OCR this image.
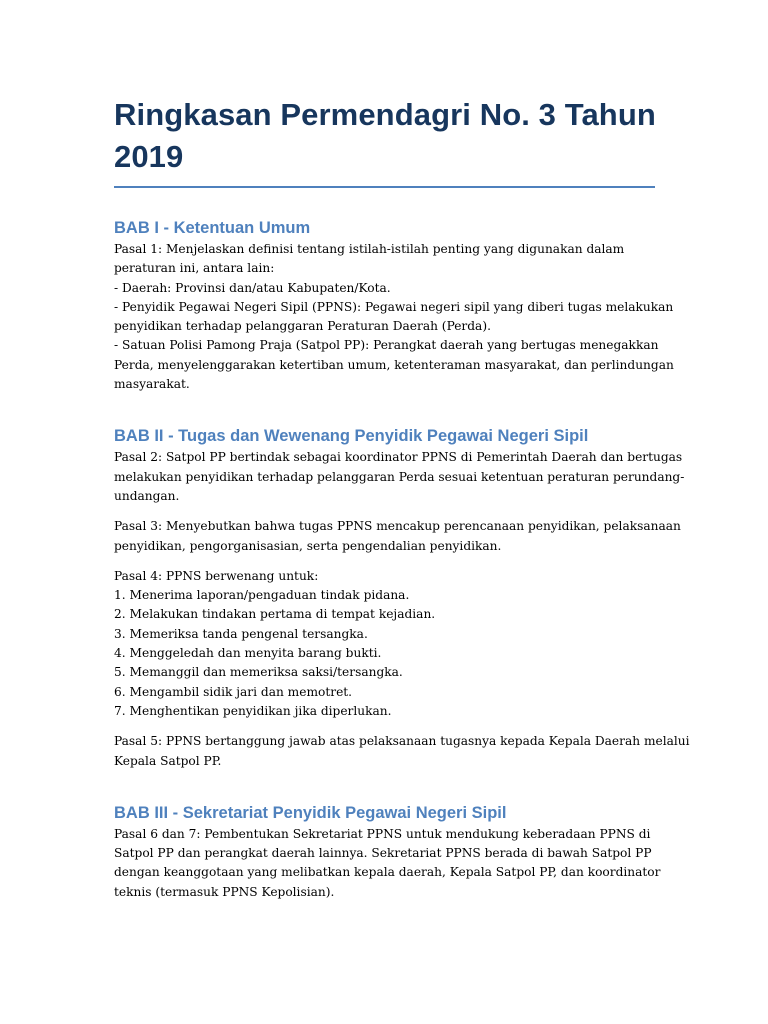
Ringkasan Permendagri No. 3 Tahun
2019
BAB I - Ketentuan Umum
Pasal 1: Menjelaskan definisi tentang istilah-istilah penting yang digunakan dalam
peraturan ini, antara lain:
- Daerah: Provinsi dan/atau Kabupaten/Kota.
- Penyidik Pegawai Negeri Sipil (PPNS): Pegawai negeri sipil yang diberi tugas melakukan
penyidikan terhadap pelanggaran Peraturan Daerah (Perda).
- Satuan Polisi Pamong Praja (Satpol PP): Perangkat daerah yang bertugas menegakkan
Perda, menyelenggarakan ketertiban umum, ketenteraman masyarakat, dan perlindungan
masyarakat.
BAB II - Tugas dan Wewenang Penyidik Pegawai Negeri Sipil
Pasal 2: Satpol PP bertindak sebagai koordinator PPNS di Pemerintah Daerah dan bertugas
melakukan penyidikan terhadap pelanggaran Perda sesuai ketentuan peraturan perundang-
undangan.
Pasal 3: Menyebutkan bahwa tugas PPNS mencakup perencanaan penyidikan, pelaksanaan
penyidikan, pengorganisasian, serta pengendalian penyidikan.
Pasal 4: PPNS berwenang untuk:
1. Menerima laporan/pengaduan tindak pidana.
2. Melakukan tindakan pertama di tempat kejadian.
3. Memeriksa tanda pengenal tersangka.
4. Menggeledah dan menyita barang bukti.
5. Memanggil dan memeriksa saksi/tersangka.
6. Mengambil sidik jari dan memotret.
7. Menghentikan penyidikan jika diperlukan.
Pasal 5: PPNS bertanggung jawab atas pelaksanaan tugasnya kepada Kepala Daerah melalui
Kepala Satpol PP.
BAB III - Sekretariat Penyidik Pegawai Negeri Sipil
Pasal 6 dan 7: Pembentukan Sekretariat PPNS untuk mendukung keberadaan PPNS di
Satpol PP dan perangkat daerah lainnya. Sekretariat PPNS berada di bawah Satpol PP
dengan keanggotaan yang melibatkan kepala daerah, Kepala Satpol PP, dan koordinator
teknis (termasuk PPNS Kepolisian).
